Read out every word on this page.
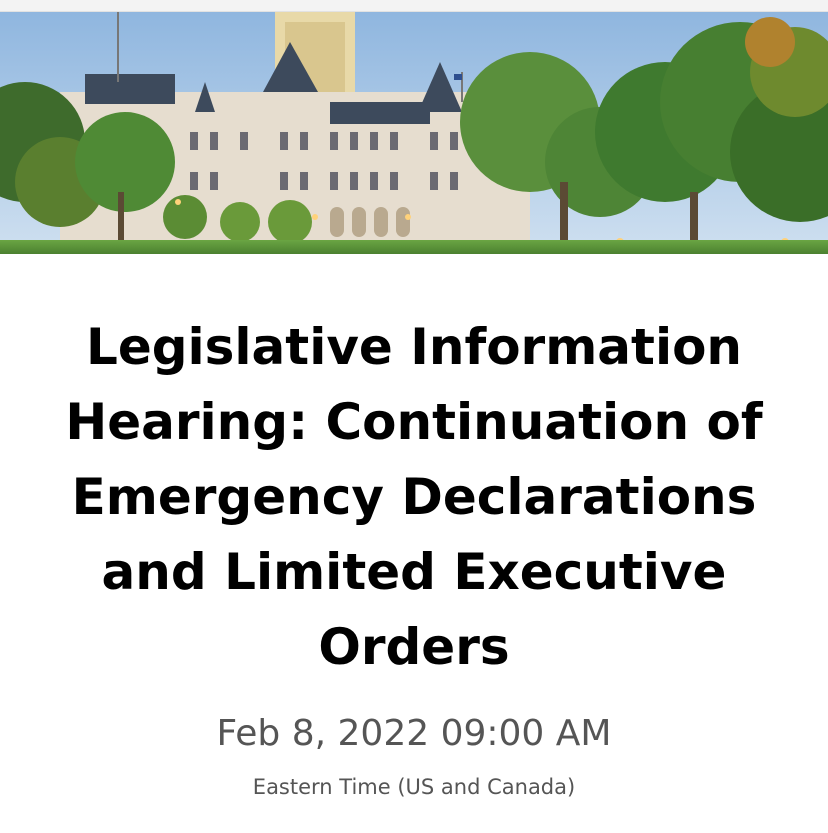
Legislative Information Hearing: Continuation of Emergency Declarations and Limited Executive Orders
Feb 8, 2022 09:00 AM
Eastern Time (US and Canada)
